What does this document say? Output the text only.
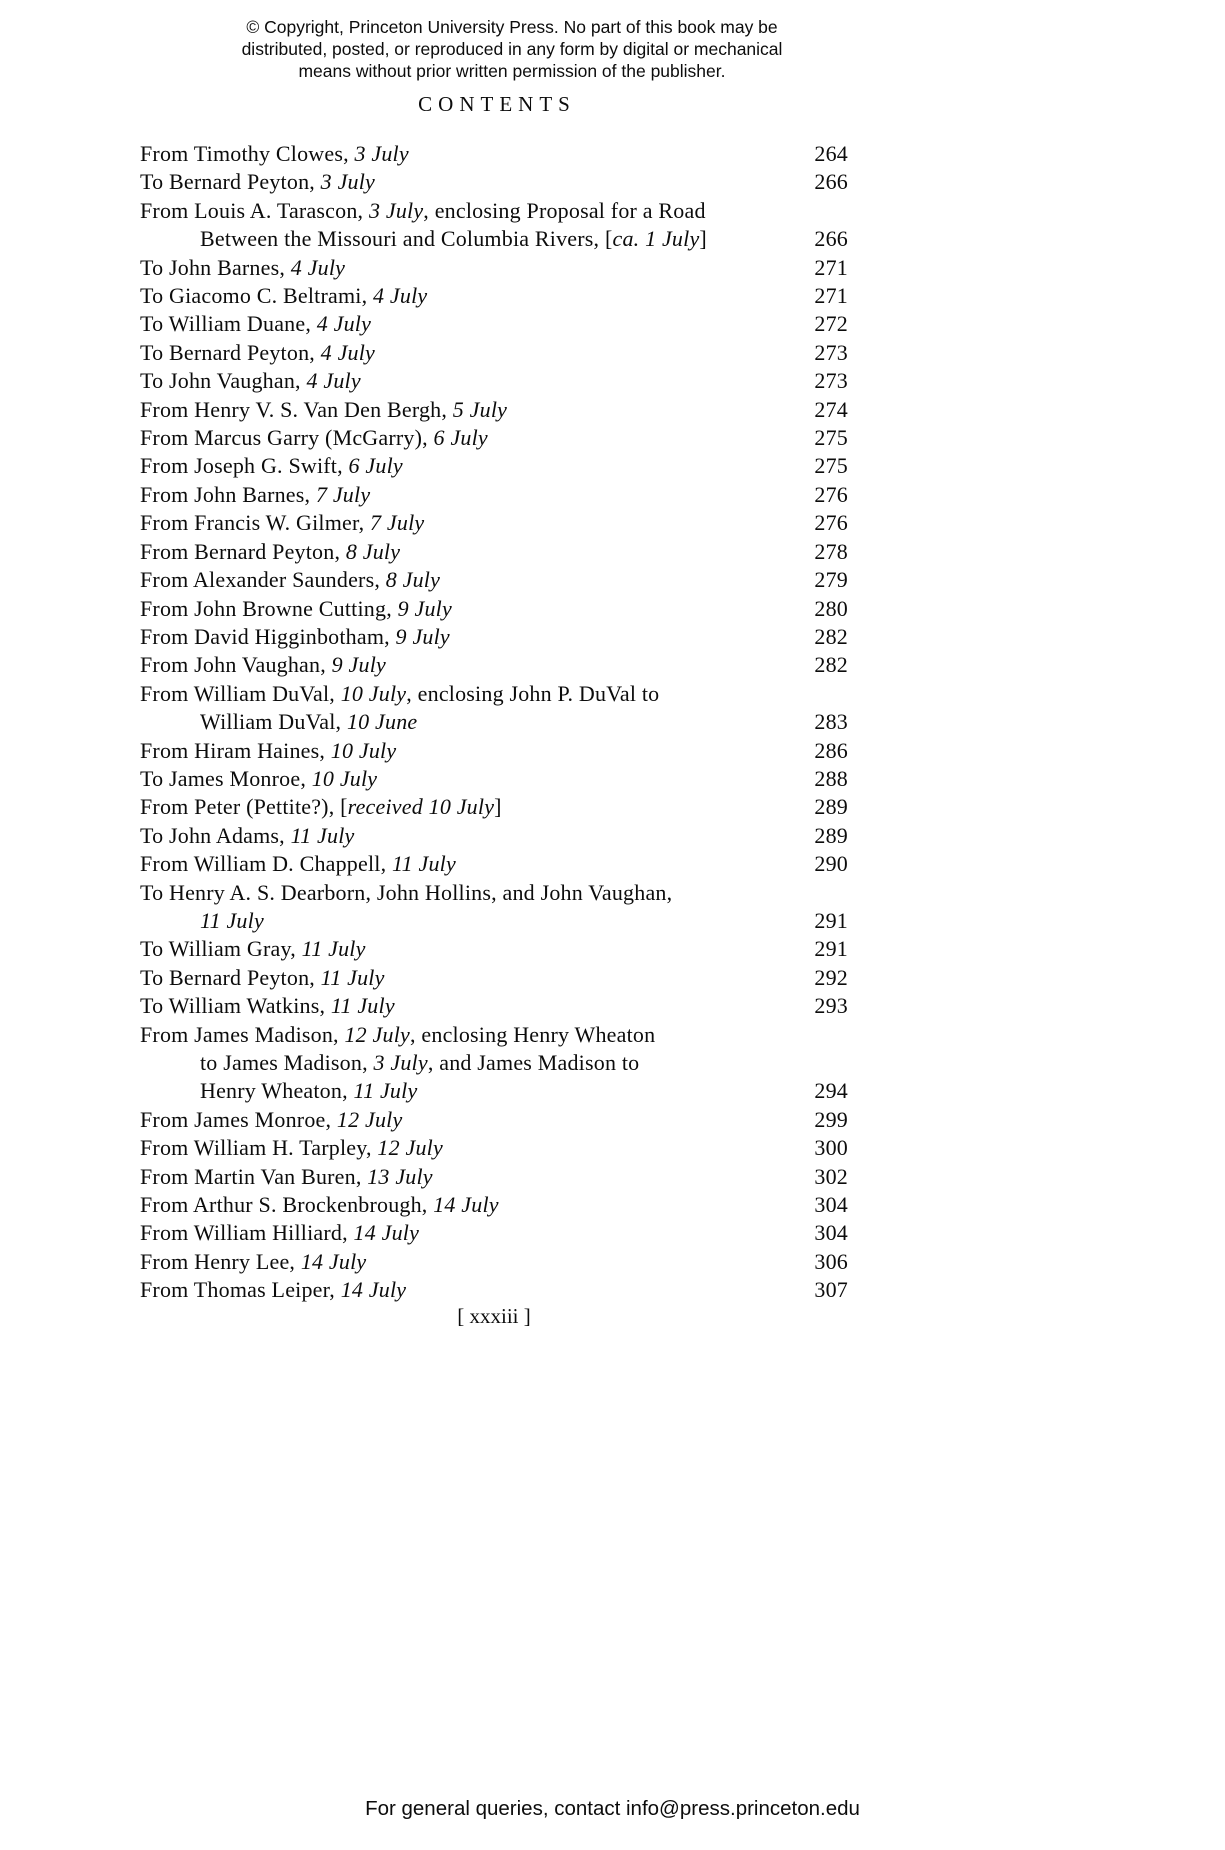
© Copyright, Princeton University Press. No part of this book may be
distributed, posted, or reproduced in any form by digital or mechanical
means without prior written permission of the publisher.
CONTENTS
From Timothy Clowes, 3 July	264
To Bernard Peyton, 3 July	266
From Louis A. Tarascon, 3 July, enclosing Proposal for a Road
Between the Missouri and Columbia Rivers, [ca. 1 July]	266
To John Barnes, 4 July	271
To Giacomo C. Beltrami, 4 July	271
To William Duane, 4 July	272
To Bernard Peyton, 4 July	273
To John Vaughan, 4 July	273
From Henry V. S. Van Den Bergh, 5 July	274
From Marcus Garry (McGarry), 6 July	275
From Joseph G. Swift, 6 July	275
From John Barnes, 7 July	276
From Francis W. Gilmer, 7 July	276
From Bernard Peyton, 8 July	278
From Alexander Saunders, 8 July	279
From John Browne Cutting, 9 July	280
From David Higginbotham, 9 July	282
From John Vaughan, 9 July	282
From William DuVal, 10 July, enclosing John P. DuVal to
William DuVal, 10 June	283
From Hiram Haines, 10 July	286
To James Monroe, 10 July	288
From Peter (Pettite?), [received 10 July]	289
To John Adams, 11 July	289
From William D. Chappell, 11 July	290
To Henry A. S. Dearborn, John Hollins, and John Vaughan,
11 July	291
To William Gray, 11 July	291
To Bernard Peyton, 11 July	292
To William Watkins, 11 July	293
From James Madison, 12 July, enclosing Henry Wheaton
to James Madison, 3 July, and James Madison to
Henry Wheaton, 11 July	294
From James Monroe, 12 July	299
From William H. Tarpley, 12 July	300
From Martin Van Buren, 13 July	302
From Arthur S. Brockenbrough, 14 July	304
From William Hilliard, 14 July	304
From Henry Lee, 14 July	306
From Thomas Leiper, 14 July	307
[ xxxiii ]
For general queries, contact info@press.princeton.edu
